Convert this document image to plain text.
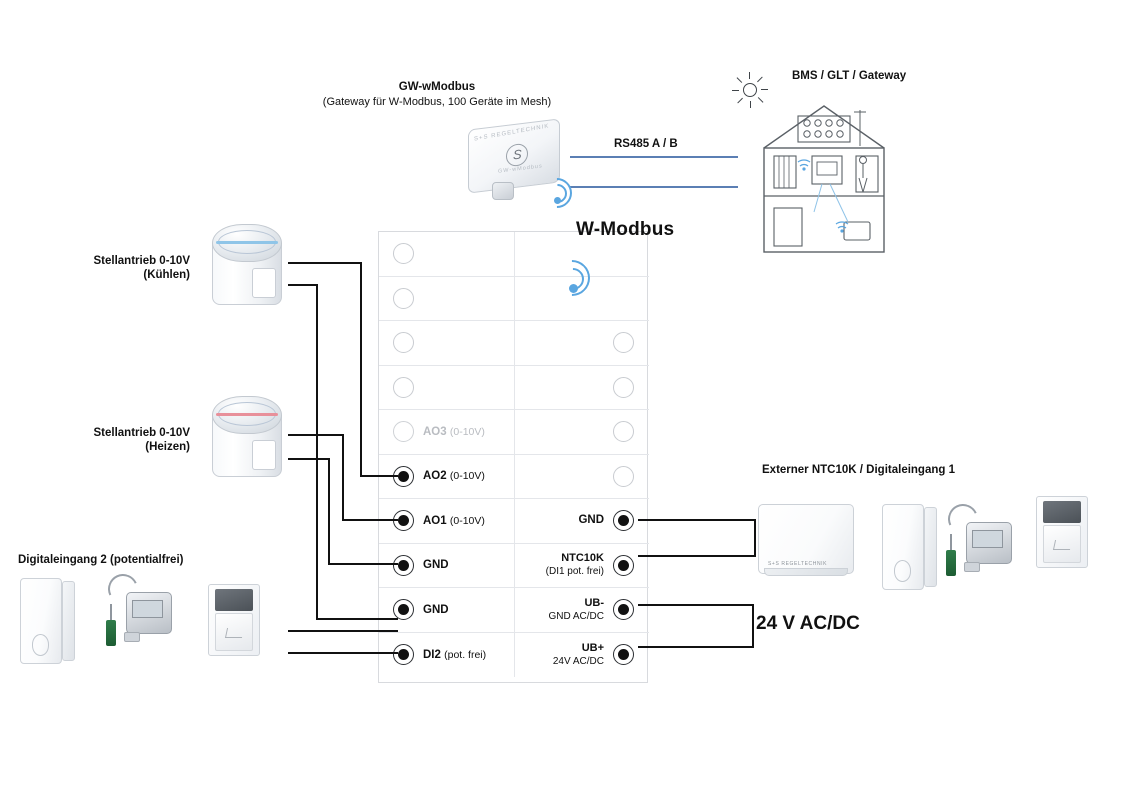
AO3 (0-10V)
AO2 (0-10V)
AO1 (0-10V)	GND
GND
NTC10K
(DI1 pot. frei)
GND
UB-
GND AC/DC
DI2 (pot. frei)
UB+
24V AC/DC
RS485 A / B
GW-wModbus
(Gateway für W-Modbus, 100 Geräte im Mesh)
S+S REGELTECHNIK
S
GW-wModbus
W-Modbus
BMS / GLT / Gateway
Stellantrieb 0-10V
(Kühlen)
Stellantrieb 0-10V
(Heizen)
Digitaleingang 2 (potentialfrei)
Externer NTC10K / Digitaleingang 1
S+S REGELTECHNIK
24 V AC/DC
